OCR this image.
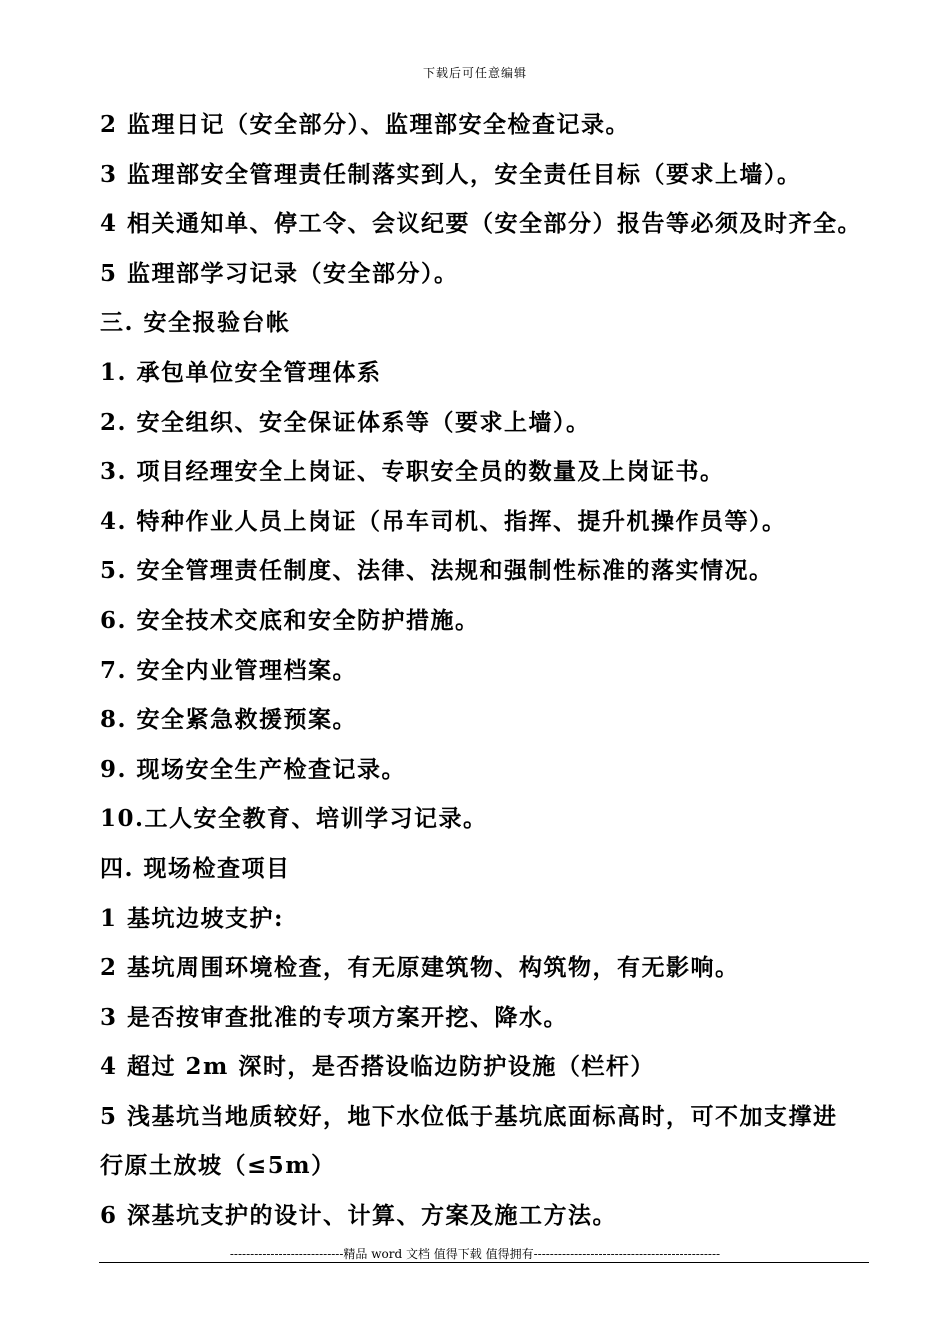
下载后可任意编辑
2 监理日记（安全部分）、监理部安全检查记录。
3 监理部安全管理责任制落实到人，安全责任目标（要求上墙）。
4 相关通知单、停工令、会议纪要（安全部分）报告等必须及时齐全。
5 监理部学习记录（安全部分）。
三. 安全报验台帐
1. 承包单位安全管理体系
2. 安全组织、安全保证体系等（要求上墙）。
3. 项目经理安全上岗证、专职安全员的数量及上岗证书。
4. 特种作业人员上岗证（吊车司机、指挥、提升机操作员等）。
5. 安全管理责任制度、法律、法规和强制性标准的落实情况。
6. 安全技术交底和安全防护措施。
7. 安全内业管理档案。
8. 安全紧急救援预案。
9. 现场安全生产检查记录。
10.工人安全教育、培训学习记录。
四. 现场检查项目
1 基坑边坡支护:
2 基坑周围环境检查，有无原建筑物、构筑物，有无影响。
3 是否按审查批准的专项方案开挖、降水。
4 超过 2m 深时，是否搭设临边防护设施（栏杆）
5 浅基坑当地质较好，地下水位低于基坑底面标高时，可不加支撑进
行原土放坡（≤5m）
6 深基坑支护的设计、计算、方案及施工方法。
----------------------------精品 word 文档 值得下载 值得拥有----------------------------------------------
